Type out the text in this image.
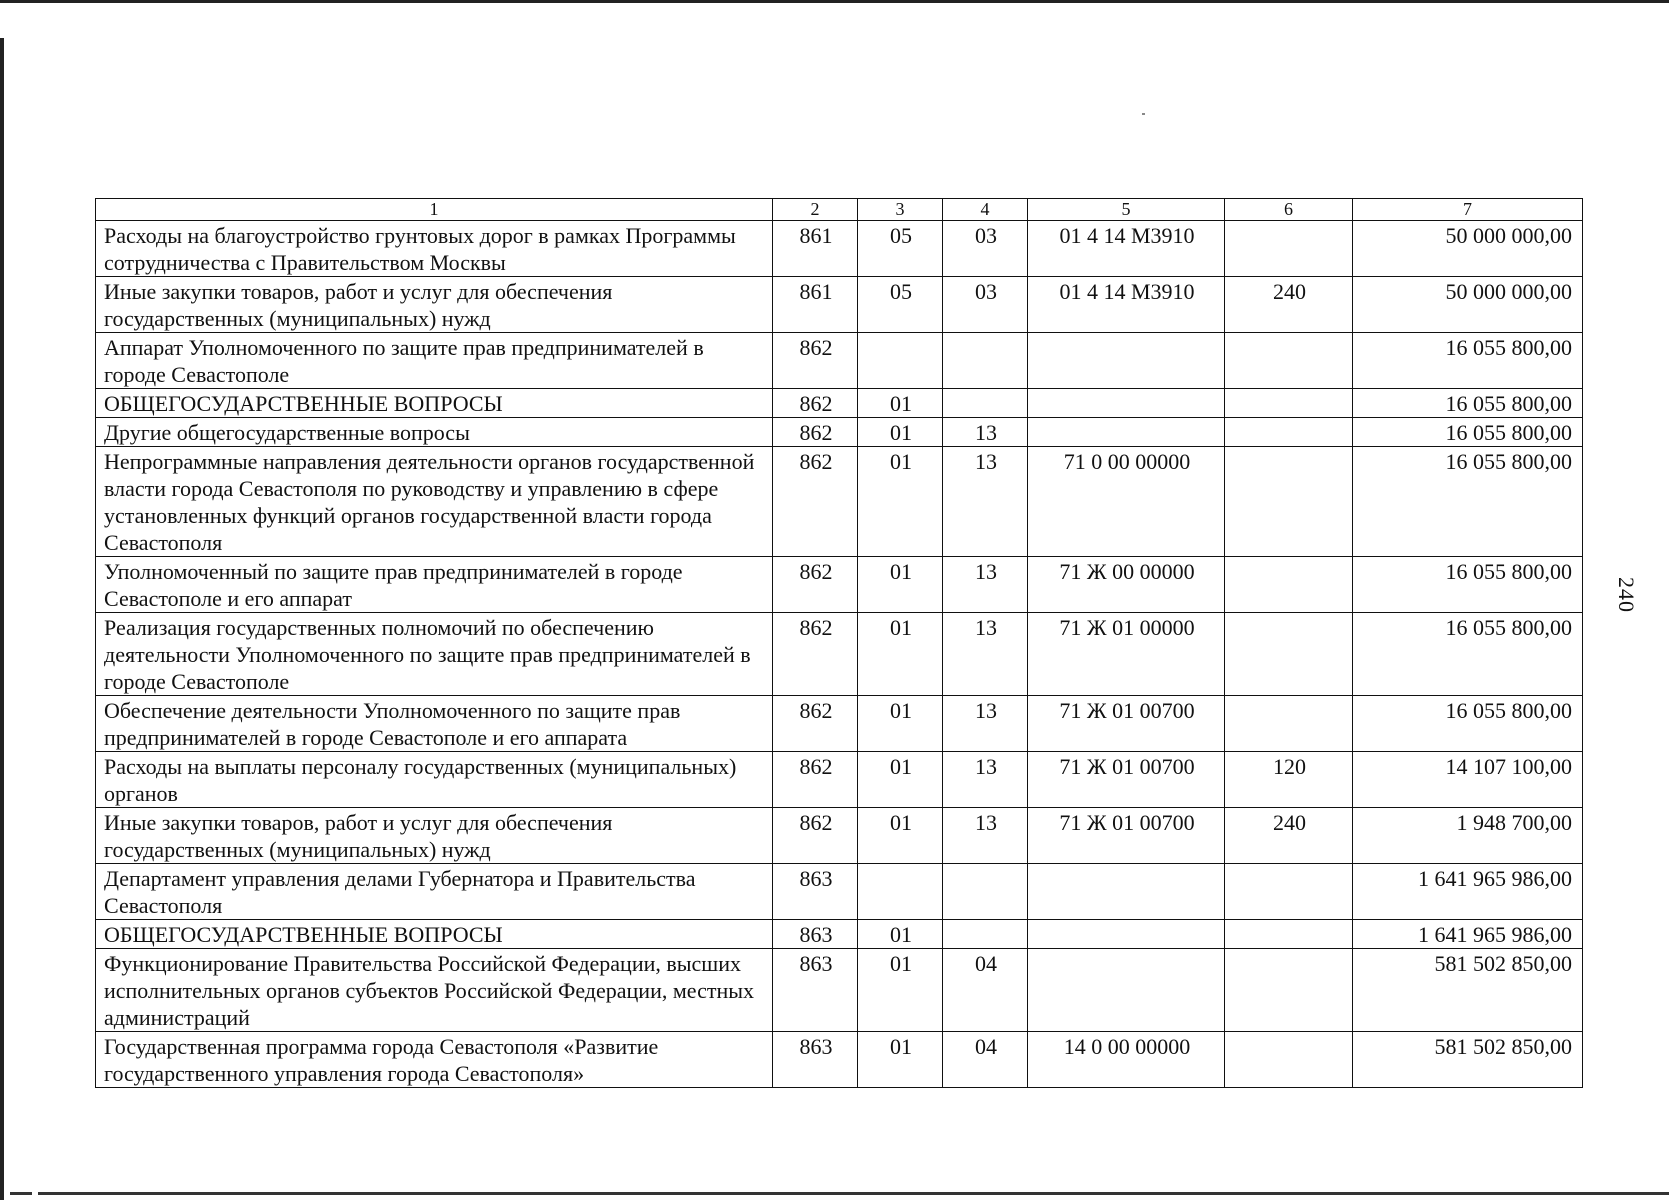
240
1	2	3	4	5	6	7
Расходы на благоустройство грунтовых дорог в рамках Программы сотрудничества с Правительством Москвы	861	05	03	01 4 14 M3910		50 000 000,00
Иные закупки товаров, работ и услуг для обеспечения государственных (муниципальных) нужд	861	05	03	01 4 14 M3910	240	50 000 000,00
Аппарат Уполномоченного по защите прав предпринимателей в городе Севастополе	862					16 055 800,00
ОБЩЕГОСУДАРСТВЕННЫЕ ВОПРОСЫ	862	01				16 055 800,00
Другие общегосударственные вопросы	862	01	13			16 055 800,00
Непрограммные направления деятельности органов государственной власти города Севастополя по руководству и управлению в сфере установленных функций органов государственной власти города Севастополя	862	01	13	71 0 00 00000		16 055 800,00
Уполномоченный по защите прав предпринимателей в городе Севастополе и его аппарат	862	01	13	71 Ж 00 00000		16 055 800,00
Реализация государственных полномочий по обеспечению деятельности Уполномоченного по защите прав предпринимателей в городе Севастополе	862	01	13	71 Ж 01 00000		16 055 800,00
Обеспечение деятельности Уполномоченного по защите прав предпринимателей в городе Севастополе и его аппарата	862	01	13	71 Ж 01 00700		16 055 800,00
Расходы на выплаты персоналу государственных (муниципальных) органов	862	01	13	71 Ж 01 00700	120	14 107 100,00
Иные закупки товаров, работ и услуг для обеспечения государственных (муниципальных) нужд	862	01	13	71 Ж 01 00700	240	1 948 700,00
Департамент управления делами Губернатора и Правительства Севастополя	863					1 641 965 986,00
ОБЩЕГОСУДАРСТВЕННЫЕ ВОПРОСЫ	863	01				1 641 965 986,00
Функционирование Правительства Российской Федерации, высших исполнительных органов субъектов Российской Федерации, местных администраций	863	01	04			581 502 850,00
Государственная программа города Севастополя «Развитие государственного управления города Севастополя»	863	01	04	14 0 00 00000		581 502 850,00
